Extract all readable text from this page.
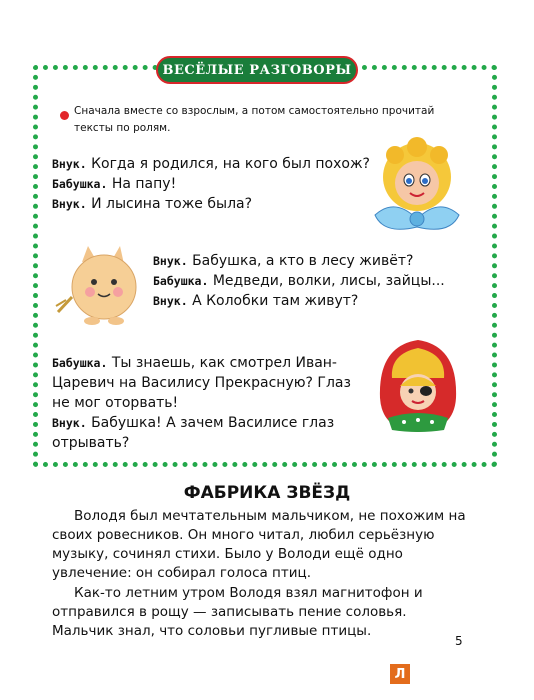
ВЕСЁЛЫЕ РАЗГОВОРЫ
Сначала вместе со взрослым, а потом самостоятельно прочитай тексты по ролям.
Внук. Когда я родился, на кого был похож?
Бабушка. На папу!
Внук. И лысина тоже была?
Внук. Бабушка, а кто в лесу живёт?
Бабушка. Медведи, волки, лисы, зайцы...
Внук. А Колобки там живут?
Бабушка. Ты знаешь, как смотрел Иван-Царевич на Василису Прекрасную? Глаз не мог оторвать!
Внук. Бабушка! А зачем Василисе глаз отрывать?
ФАБРИКА ЗВЁЗД
Володя был мечтательным мальчиком, не похожим на своих ровесников. Он много читал, любил серьёзную музыку, сочинял стихи. Было у Володи ещё одно увлечение: он собирал голоса птиц.
Как-то летним утром Володя взял магнитофон и отправился в рощу — записывать пение соловья. Мальчик знал, что соловьи пугливые птицы.
5
Л
